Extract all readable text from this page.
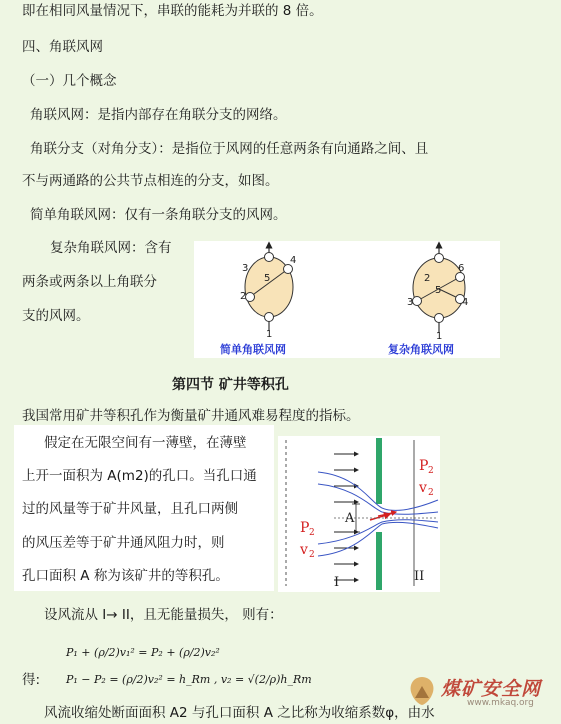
即在相同风量情况下，串联的能耗为并联的 8 倍。
四、角联风网
（一）几个概念
角联风网：是指内部存在角联分支的网络。
角联分支（对角分支）：是指位于风网的任意两条有向通路之间、且
不与两通路的公共节点相连的分支，如图。
简单角联风网：仅有一条角联分支的风网。
复杂角联风网：含有
两条或两条以上角联分
支的风网。
3
4
5
2
1
6
5
3	4
2
1
简单角联风网	复杂角联风网
第四节 矿井等积孔
我国常用矿井等积孔作为衡量矿井通风难易程度的指标。
假定在无限空间有一薄壁，在薄壁
上开一面积为 A(m2)的孔口。当孔口通
过的风量等于矿井风量，且孔口两侧
的风压差等于矿井通风阻力时，则
孔口面积 A 称为该矿井的等积孔。
A
P 2
v 2
P 2
v 2
I	II
设风流从 I→ II，且无能量损失， 则有：
P₁ + (ρ/2)v₁² = P₂ + (ρ/2)v₂²
得: P₁ − P₂ = (ρ/2)v₂² = h_Rm , v₂ = √(2/ρ)h_Rm
风流收缩处断面面积 A2 与孔口面积 A 之比称为收缩系数φ，由水
煤矿安全网
www.mkaq.org
